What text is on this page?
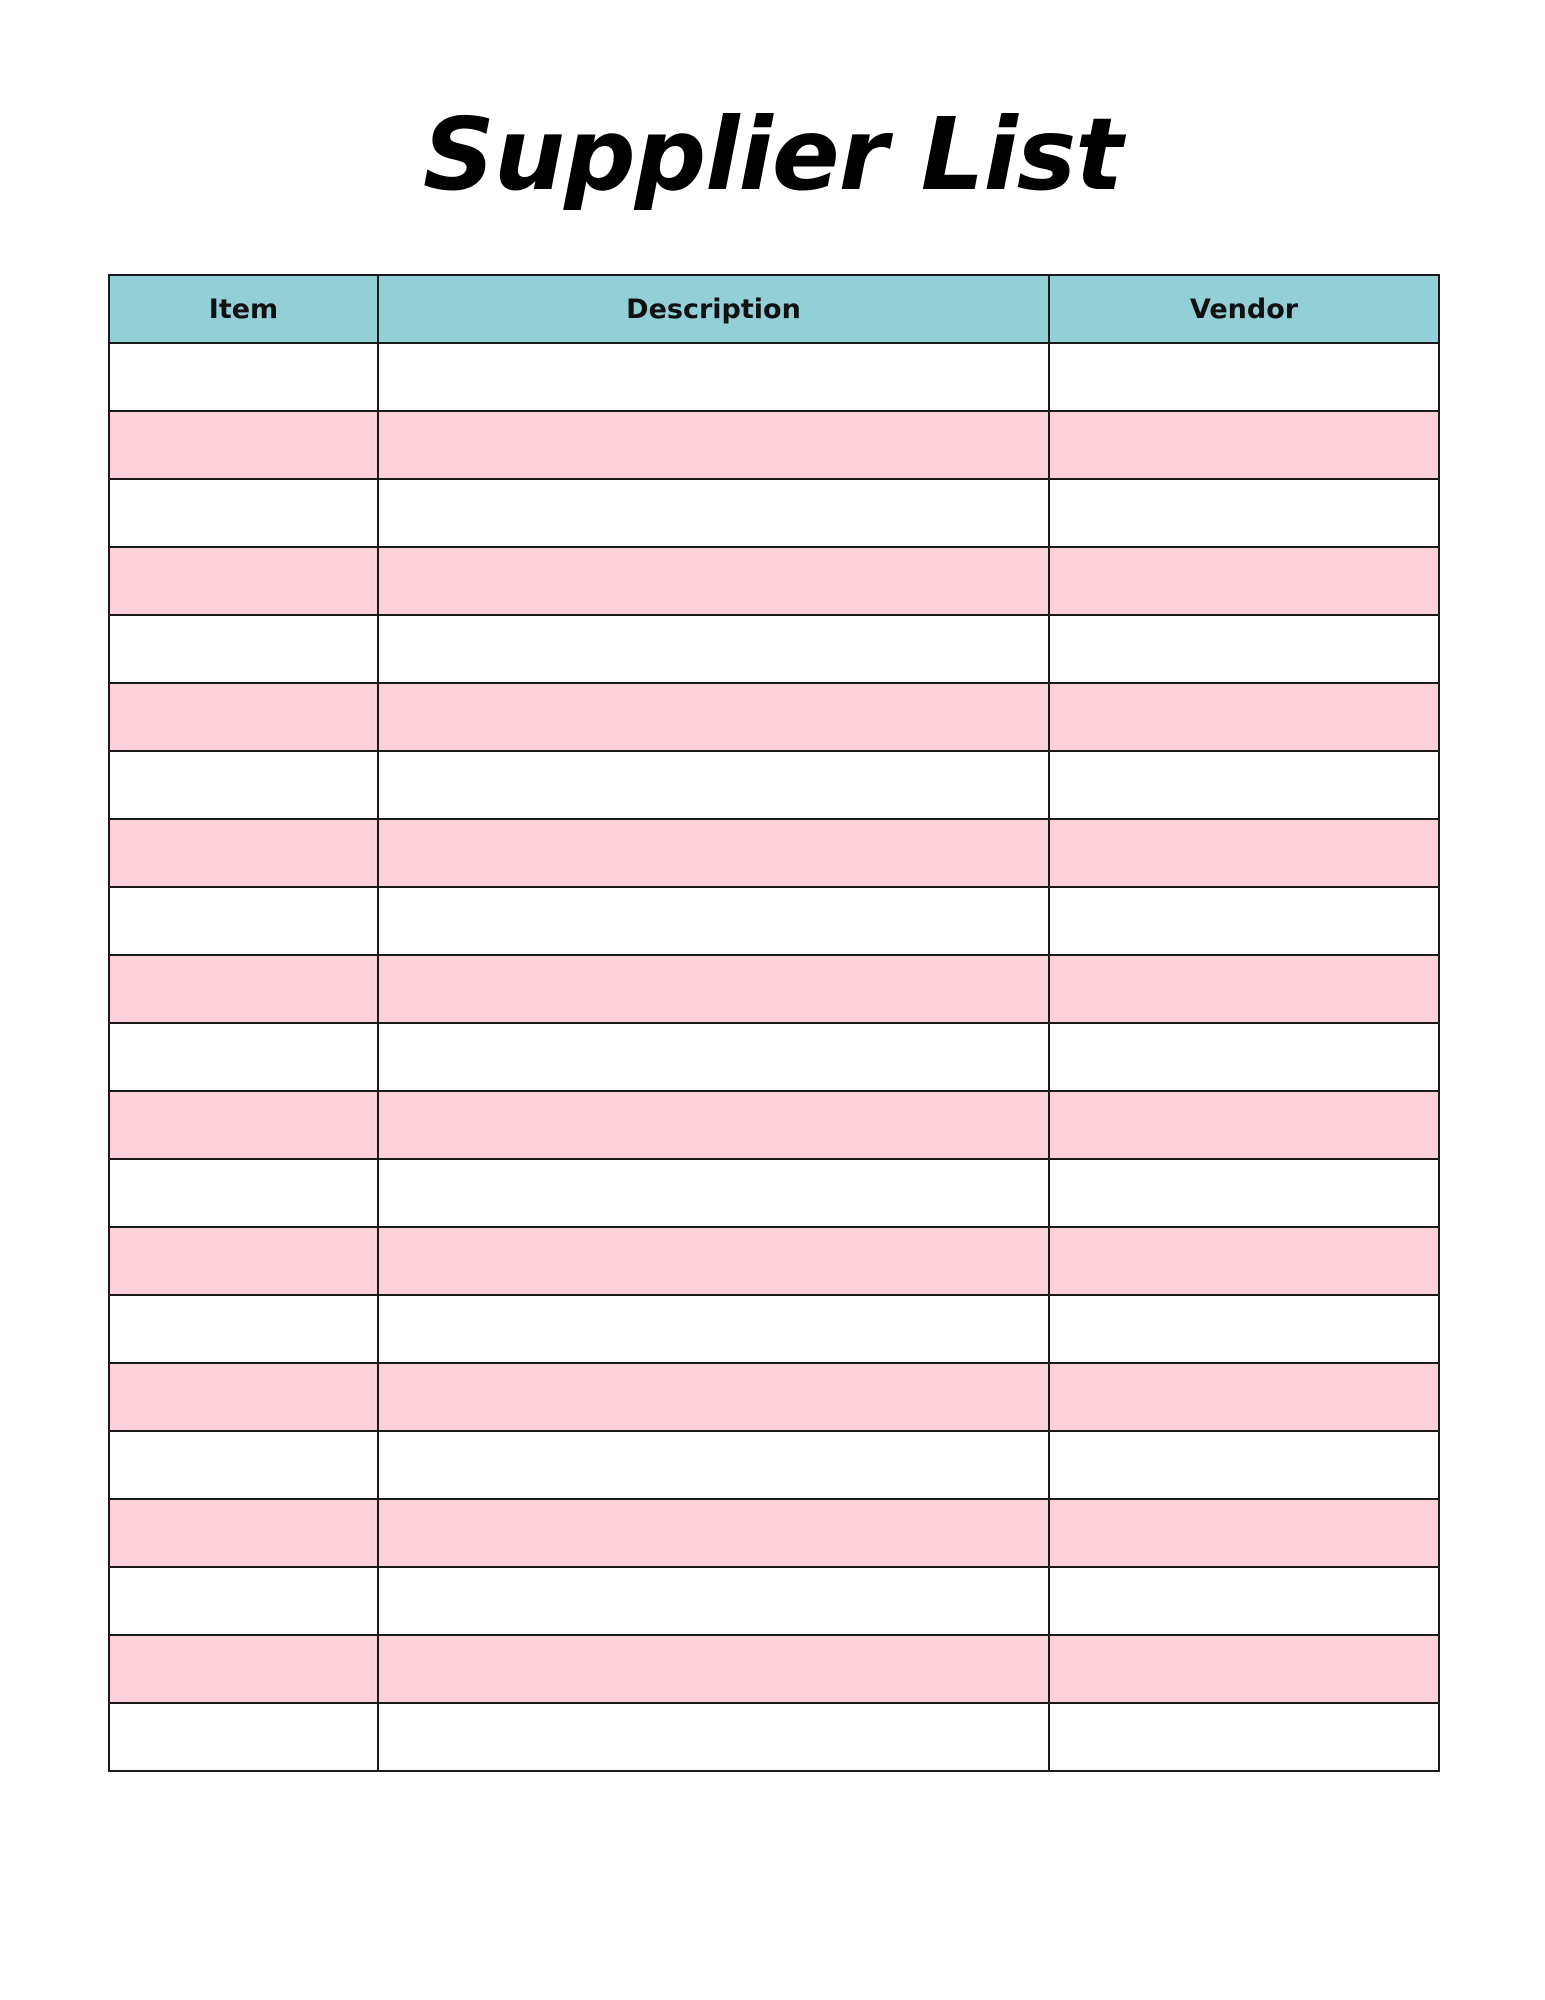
Supplier List
Item	Description	Vendor
